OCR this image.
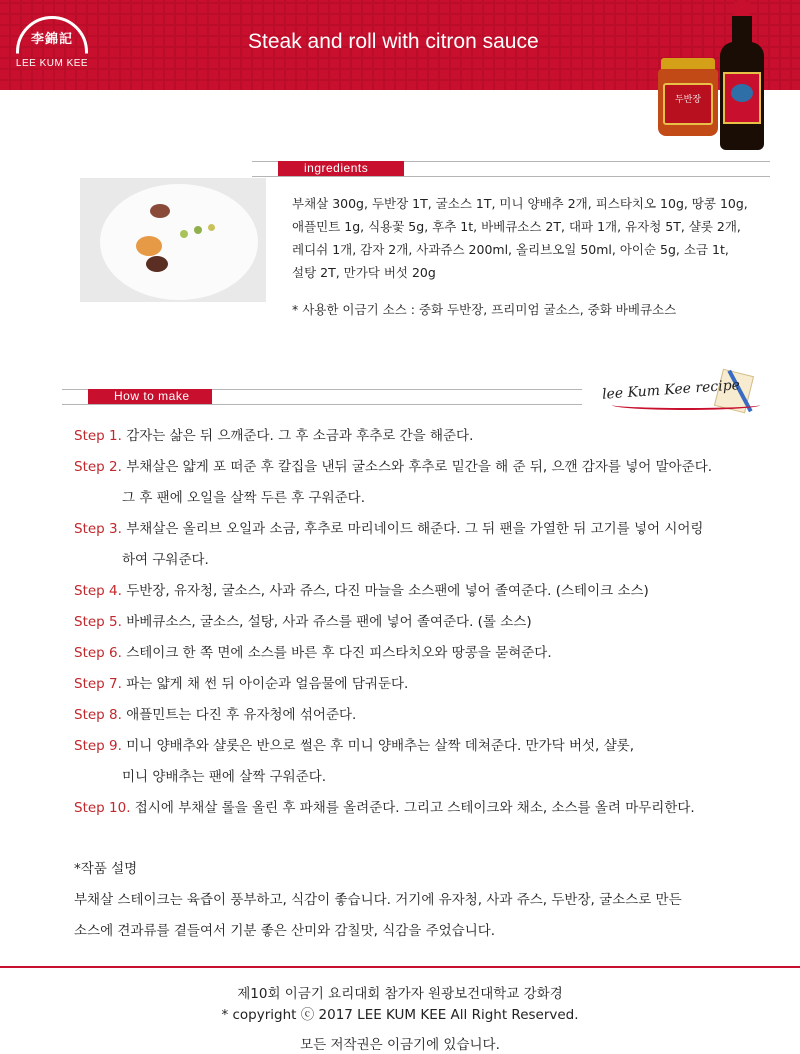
李錦記
LEE KUM KEE
Steak and roll with citron sauce
두반장
ingredients
부채살 300g, 두반장 1T, 굴소스 1T, 미니 양배추 2개, 피스타치오 10g, 땅콩 10g,
애플민트 1g, 식용꽃 5g, 후추 1t, 바베큐소스 2T, 대파 1개, 유자청 5T, 샬롯 2개,
레디쉬 1개, 감자 2개, 사과쥬스 200ml, 올리브오일 50ml, 아이순 5g, 소금 1t,
설탕 2T, 만가닥 버섯 20g
* 사용한 이금기 소스 : 중화 두반장, 프리미엄 굴소스, 중화 바베큐소스
How to make	lee Kum Kee recipe
Step 1. 감자는 삶은 뒤 으깨준다. 그 후 소금과 후추로 간을 해준다.
Step 2. 부채살은 얇게 포 떠준 후 칼집을 낸뒤 굴소스와 후추로 밑간을 해 준 뒤, 으깬 감자를 넣어 말아준다.
그 후 팬에 오일을 살짝 두른 후 구워준다.
Step 3. 부채살은 올리브 오일과 소금, 후추로 마리네이드 해준다. 그 뒤 팬을 가열한 뒤 고기를 넣어 시어링
하여 구워준다.
Step 4. 두반장, 유자청, 굴소스, 사과 쥬스, 다진 마늘을 소스팬에 넣어 졸여준다. (스테이크 소스)
Step 5. 바베큐소스, 굴소스, 설탕, 사과 쥬스를 팬에 넣어 졸여준다. (롤 소스)
Step 6. 스테이크 한 쪽 면에 소스를 바른 후 다진 피스타치오와 땅콩을 묻혀준다.
Step 7. 파는 얇게 채 썬 뒤 아이순과 얼음물에 담궈둔다.
Step 8. 애플민트는 다진 후 유자청에 섞어준다.
Step 9. 미니 양배추와 샬롯은 반으로 썰은 후 미니 양배추는 살짝 데쳐준다. 만가닥 버섯, 샬롯,
미니 양배추는 팬에 살짝 구워준다.
Step 10. 접시에 부채살 롤을 올린 후 파채를 올려준다. 그리고 스테이크와 채소, 소스를 올려 마무리한다.
*작품 설명
부채살 스테이크는 육즙이 풍부하고, 식감이 좋습니다. 거기에 유자청, 사과 쥬스, 두반장, 굴소스로 만든
소스에 견과류를 곁들여서 기분 좋은 산미와 감칠맛, 식감을 주었습니다.
제10회 이금기 요리대회 참가자 원광보건대학교 강화경
* copyright ⓒ 2017 LEE KUM KEE All Right Reserved.
모든 저작권은 이금기에 있습니다.
